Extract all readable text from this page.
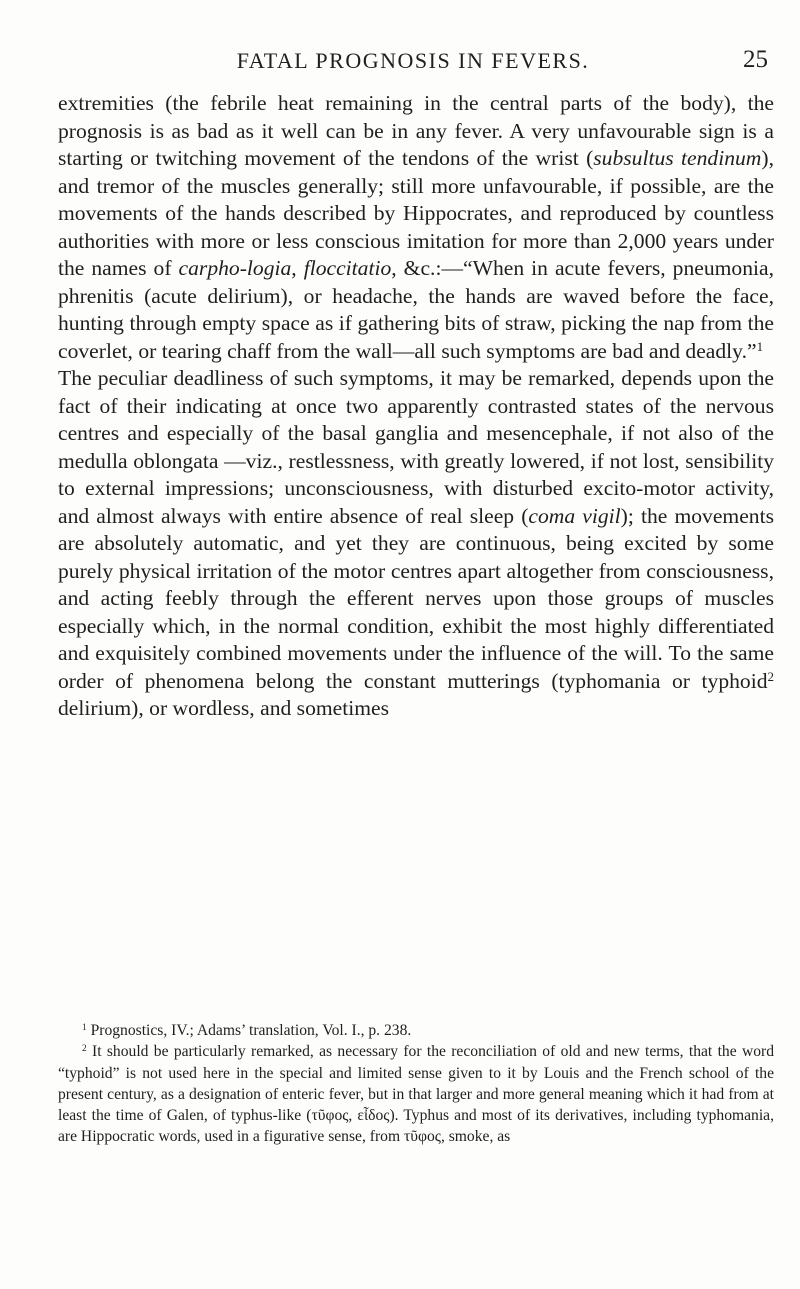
FATAL PROGNOSIS IN FEVERS.	25

extremities (the febrile heat remaining in the central parts of the body), the prognosis is as bad as it well can be in any fever. A very unfavourable sign is a starting or twitching movement of the tendons of the wrist (subsultus tendinum), and tremor of the muscles generally; still more unfavourable, if possible, are the movements of the hands described by Hippocrates, and reproduced by countless authorities with more or less conscious imitation for more than 2,000 years under the names of carpho-logia, floccitatio, &c.:—“When in acute fevers, pneumonia, phrenitis (acute delirium), or headache, the hands are waved before the face, hunting through empty space as if gathering bits of straw, picking the nap from the coverlet, or tearing chaff from the wall—all such symptoms are bad and deadly.”$^1$

The peculiar deadliness of such symptoms, it may be remarked, depends upon the fact of their indicating at once two apparently contrasted states of the nervous centres and especially of the basal ganglia and mesencephale, if not also of the medulla oblongata —viz., restlessness, with greatly lowered, if not lost, sensibility to external impressions; unconsciousness, with disturbed excito-motor activity, and almost always with entire absence of real sleep (coma vigil); the movements are absolutely automatic, and yet they are continuous, being excited by some purely physical irritation of the motor centres apart altogether from consciousness, and acting feebly through the efferent nerves upon those groups of muscles especially which, in the normal condition, exhibit the most highly differentiated and exquisitely combined movements under the influence of the will. To the same order of phenomena belong the constant mutterings (typhomania or typhoid$^2$ delirium), or wordless, and sometimes

$^1$ Prognostics, IV.; Adams’ translation, Vol. I., p. 238.

$^2$ It should be particularly remarked, as necessary for the reconciliation of old and new terms, that the word “typhoid” is not used here in the special and limited sense given to it by Louis and the French school of the present century, as a designation of enteric fever, but in that larger and more general meaning which it had from at least the time of Galen, of typhus-like (τῦφος, εἶδος). Typhus and most of its derivatives, including typhomania, are Hippocratic words, used in a figurative sense, from τῦφος, smoke, as
